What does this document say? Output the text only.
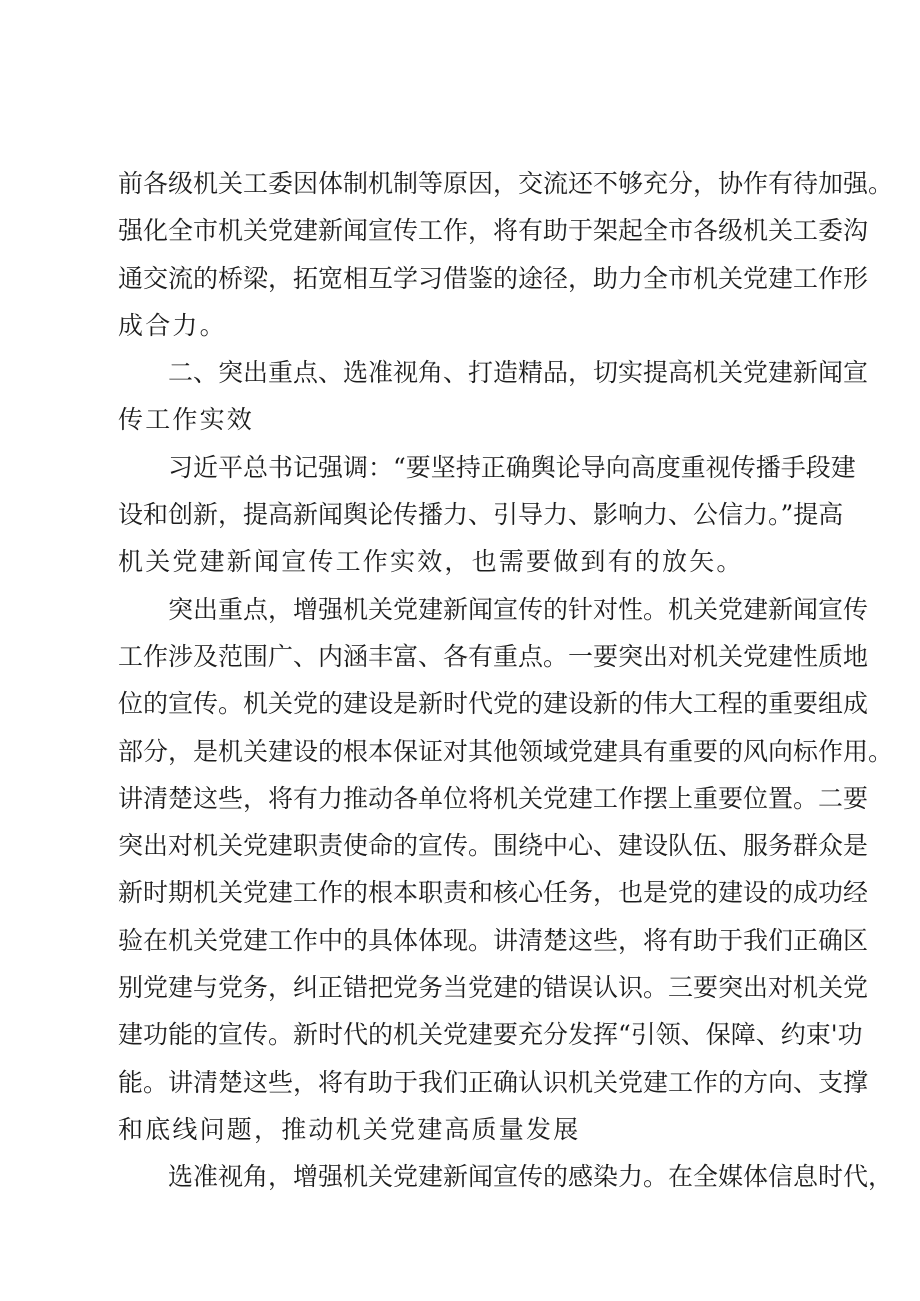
前各级机关工委因体制机制等原因，交流还不够充分，协作有待加强。
强化全市机关党建新闻宣传工作，将有助于架起全市各级机关工委沟
通交流的桥梁，拓宽相互学习借鉴的途径，助力全市机关党建工作形
成合力。
二、突出重点、选准视角、打造精品，切实提高机关党建新闻宣
传工作实效
习近平总书记强调：“要坚持正确舆论导向高度重视传播手段建
设和创新，提高新闻舆论传播力、引导力、影响力、公信力。”提高
机关党建新闻宣传工作实效，也需要做到有的放矢。
突出重点，增强机关党建新闻宣传的针对性。机关党建新闻宣传
工作涉及范围广、内涵丰富、各有重点。一要突出对机关党建性质地
位的宣传。机关党的建设是新时代党的建设新的伟大工程的重要组成
部分，是机关建设的根本保证对其他领域党建具有重要的风向标作用。
讲清楚这些，将有力推动各单位将机关党建工作摆上重要位置。二要
突出对机关党建职责使命的宣传。围绕中心、建设队伍、服务群众是
新时期机关党建工作的根本职责和核心任务，也是党的建设的成功经
验在机关党建工作中的具体体现。讲清楚这些，将有助于我们正确区
别党建与党务，纠正错把党务当党建的错误认识。三要突出对机关党
建功能的宣传。新时代的机关党建要充分发挥“引领、保障、约束'功
能。讲清楚这些，将有助于我们正确认识机关党建工作的方向、支撑
和底线问题，推动机关党建高质量发展
选准视角，增强机关党建新闻宣传的感染力。在全媒体信息时代，
